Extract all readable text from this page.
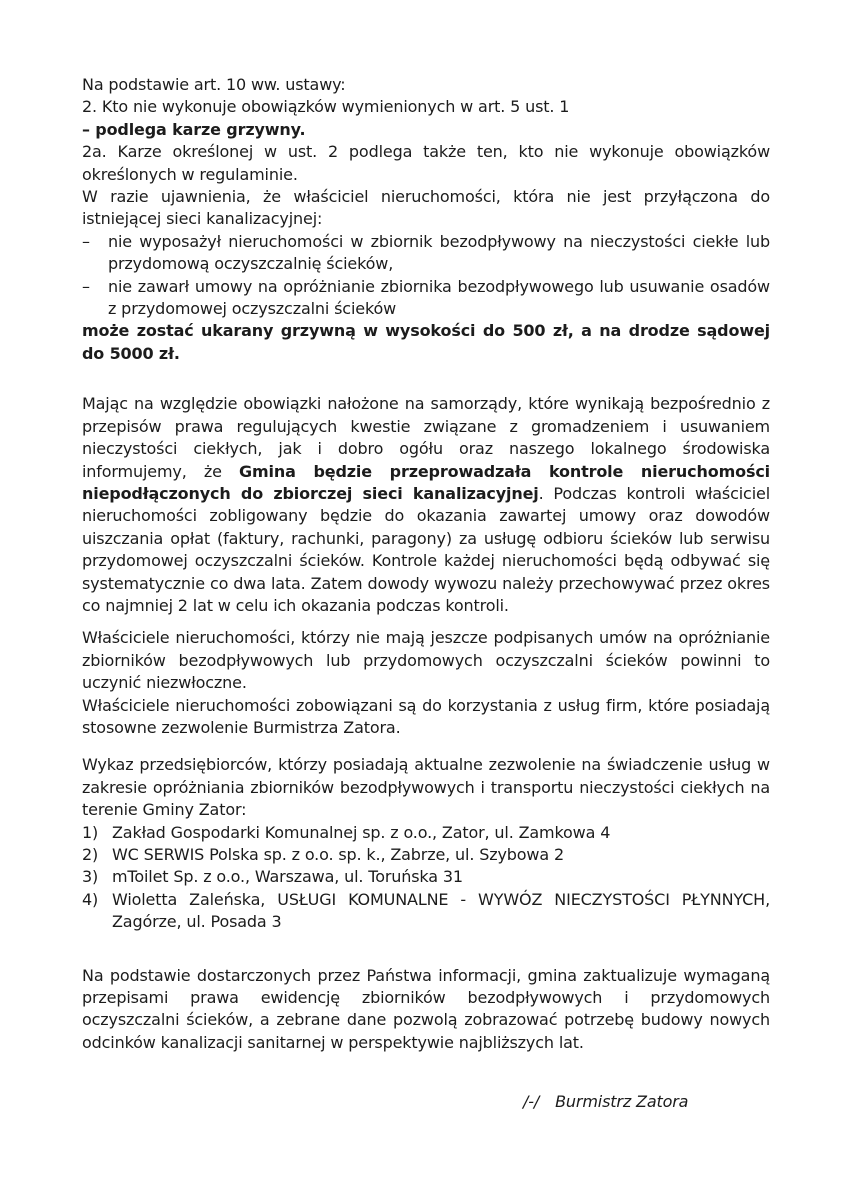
Na podstawie art. 10 ww. ustawy:
2. Kto nie wykonuje obowiązków wymienionych w art. 5 ust. 1
– podlega karze grzywny.

2a. Karze określonej w ust. 2 podlega także ten, kto nie wykonuje obowiązków określonych w regulaminie.

W razie ujawnienia, że właściciel nieruchomości, która nie jest przyłączona do istniejącej sieci kanalizacyjnej:

–	nie wyposażył nieruchomości w zbiornik bezodpływowy na nieczystości ciekłe lub przydomową oczyszczalnię ścieków,
–	nie zawarł umowy na opróżnianie zbiornika bezodpływowego lub usuwanie osadów z przydomowej oczyszczalni ścieków

może zostać ukarany grzywną w wysokości do 500 zł, a na drodze sądowej do 5000 zł.

Mając na względzie obowiązki nałożone na samorządy, które wynikają bezpośrednio z przepisów prawa regulujących kwestie związane z gromadzeniem i usuwaniem nieczystości ciekłych, jak i dobro ogółu oraz naszego lokalnego środowiska informujemy, że Gmina będzie przeprowadzała kontrole nieruchomości niepodłączonych do zbiorczej sieci kanalizacyjnej. Podczas kontroli właściciel nieruchomości zobligowany będzie do okazania zawartej umowy oraz dowodów uiszczania opłat (faktury, rachunki, paragony) za usługę odbioru ścieków lub serwisu przydomowej oczyszczalni ścieków. Kontrole każdej nieruchomości będą odbywać się systematycznie co dwa lata. Zatem dowody wywozu należy przechowywać przez okres co najmniej 2 lat w celu ich okazania podczas kontroli.

Właściciele nieruchomości, którzy nie mają jeszcze podpisanych umów na opróżnianie zbiorników bezodpływowych lub przydomowych oczyszczalni ścieków powinni to uczynić niezwłoczne.

Właściciele nieruchomości zobowiązani są do korzystania z usług firm, które posiadają stosowne zezwolenie Burmistrza Zatora.

Wykaz przedsiębiorców, którzy posiadają aktualne zezwolenie na świadczenie usług w zakresie opróżniania zbiorników bezodpływowych i transportu nieczystości ciekłych na terenie Gminy Zator:

1) Zakład Gospodarki Komunalnej sp. z o.o., Zator, ul. Zamkowa 4
2) WC SERWIS Polska sp. z o.o. sp. k., Zabrze, ul. Szybowa 2
3) mToilet Sp. z o.o., Warszawa, ul. Toruńska 31
4) Wioletta Zaleńska, USŁUGI KOMUNALNE - WYWÓZ NIECZYSTOŚCI PŁYNNYCH, Zagórze, ul. Posada 3

Na podstawie dostarczonych przez Państwa informacji, gmina zaktualizuje wymaganą przepisami prawa ewidencję zbiorników bezodpływowych i przydomowych oczyszczalni ścieków, a zebrane dane pozwolą zobrazować potrzebę budowy nowych odcinków kanalizacji sanitarnej w perspektywie najbliższych lat.

/-/ Burmistrz Zatora
